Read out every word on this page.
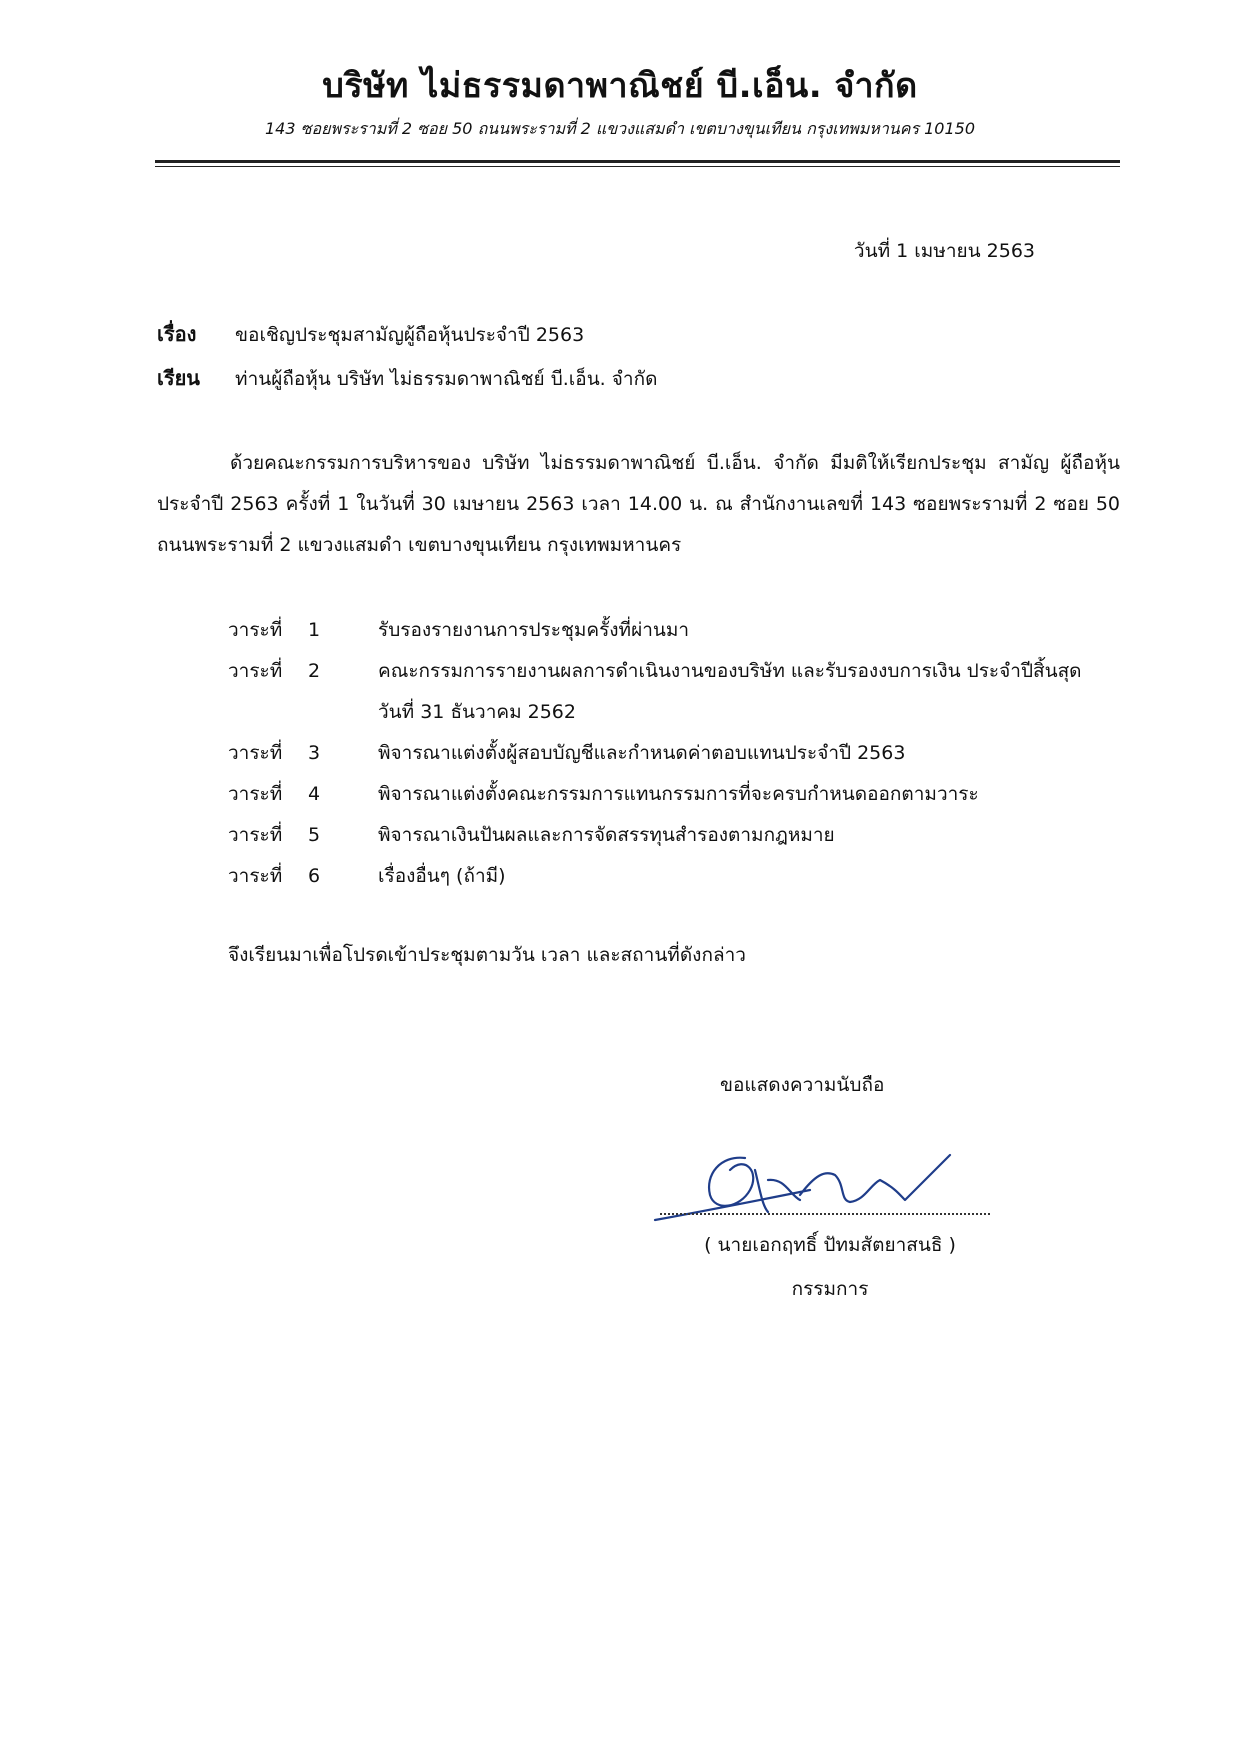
บริษัท ไม่ธรรมดาพาณิชย์ บี.เอ็น. จำกัด
143 ซอยพระรามที่ 2 ซอย 50 ถนนพระรามที่ 2 แขวงแสมดำ เขตบางขุนเทียน กรุงเทพมหานคร 10150
วันที่ 1 เมษายน 2563
เรื่อง ขอเชิญประชุมสามัญผู้ถือหุ้นประจำปี 2563
เรียน ท่านผู้ถือหุ้น บริษัท ไม่ธรรมดาพาณิชย์ บี.เอ็น. จำกัด

ด้วยคณะกรรมการบริหารของ บริษัท ไม่ธรรมดาพาณิชย์ บี.เอ็น. จำกัด มีมติให้เรียกประชุม สามัญ ผู้ถือหุ้นประจำปี 2563 ครั้งที่ 1 ในวันที่ 30 เมษายน 2563 เวลา 14.00 น. ณ สำนักงานเลขที่ 143 ซอยพระรามที่ 2 ซอย 50 ถนนพระรามที่ 2 แขวงแสมดำ เขตบางขุนเทียน กรุงเทพมหานคร

วาระที่	1	รับรองรายงานการประชุมครั้งที่ผ่านมา
วาระที่	2	คณะกรรมการรายงานผลการดำเนินงานของบริษัท และรับรองงบการเงิน ประจำปีสิ้นสุด วันที่ 31 ธันวาคม 2562
วาระที่	3	พิจารณาแต่งตั้งผู้สอบบัญชีและกำหนดค่าตอบแทนประจำปี 2563
วาระที่	4	พิจารณาแต่งตั้งคณะกรรมการแทนกรรมการที่จะครบกำหนดออกตามวาระ
วาระที่	5	พิจารณาเงินปันผลและการจัดสรรทุนสำรองตามกฎหมาย
วาระที่	6	เรื่องอื่นๆ (ถ้ามี)
จึงเรียนมาเพื่อโปรดเข้าประชุมตามวัน เวลา และสถานที่ดังกล่าว
ขอแสดงความนับถือ
( นายเอกฤทธิ์ ปัทมสัตยาสนธิ )
กรรมการ
